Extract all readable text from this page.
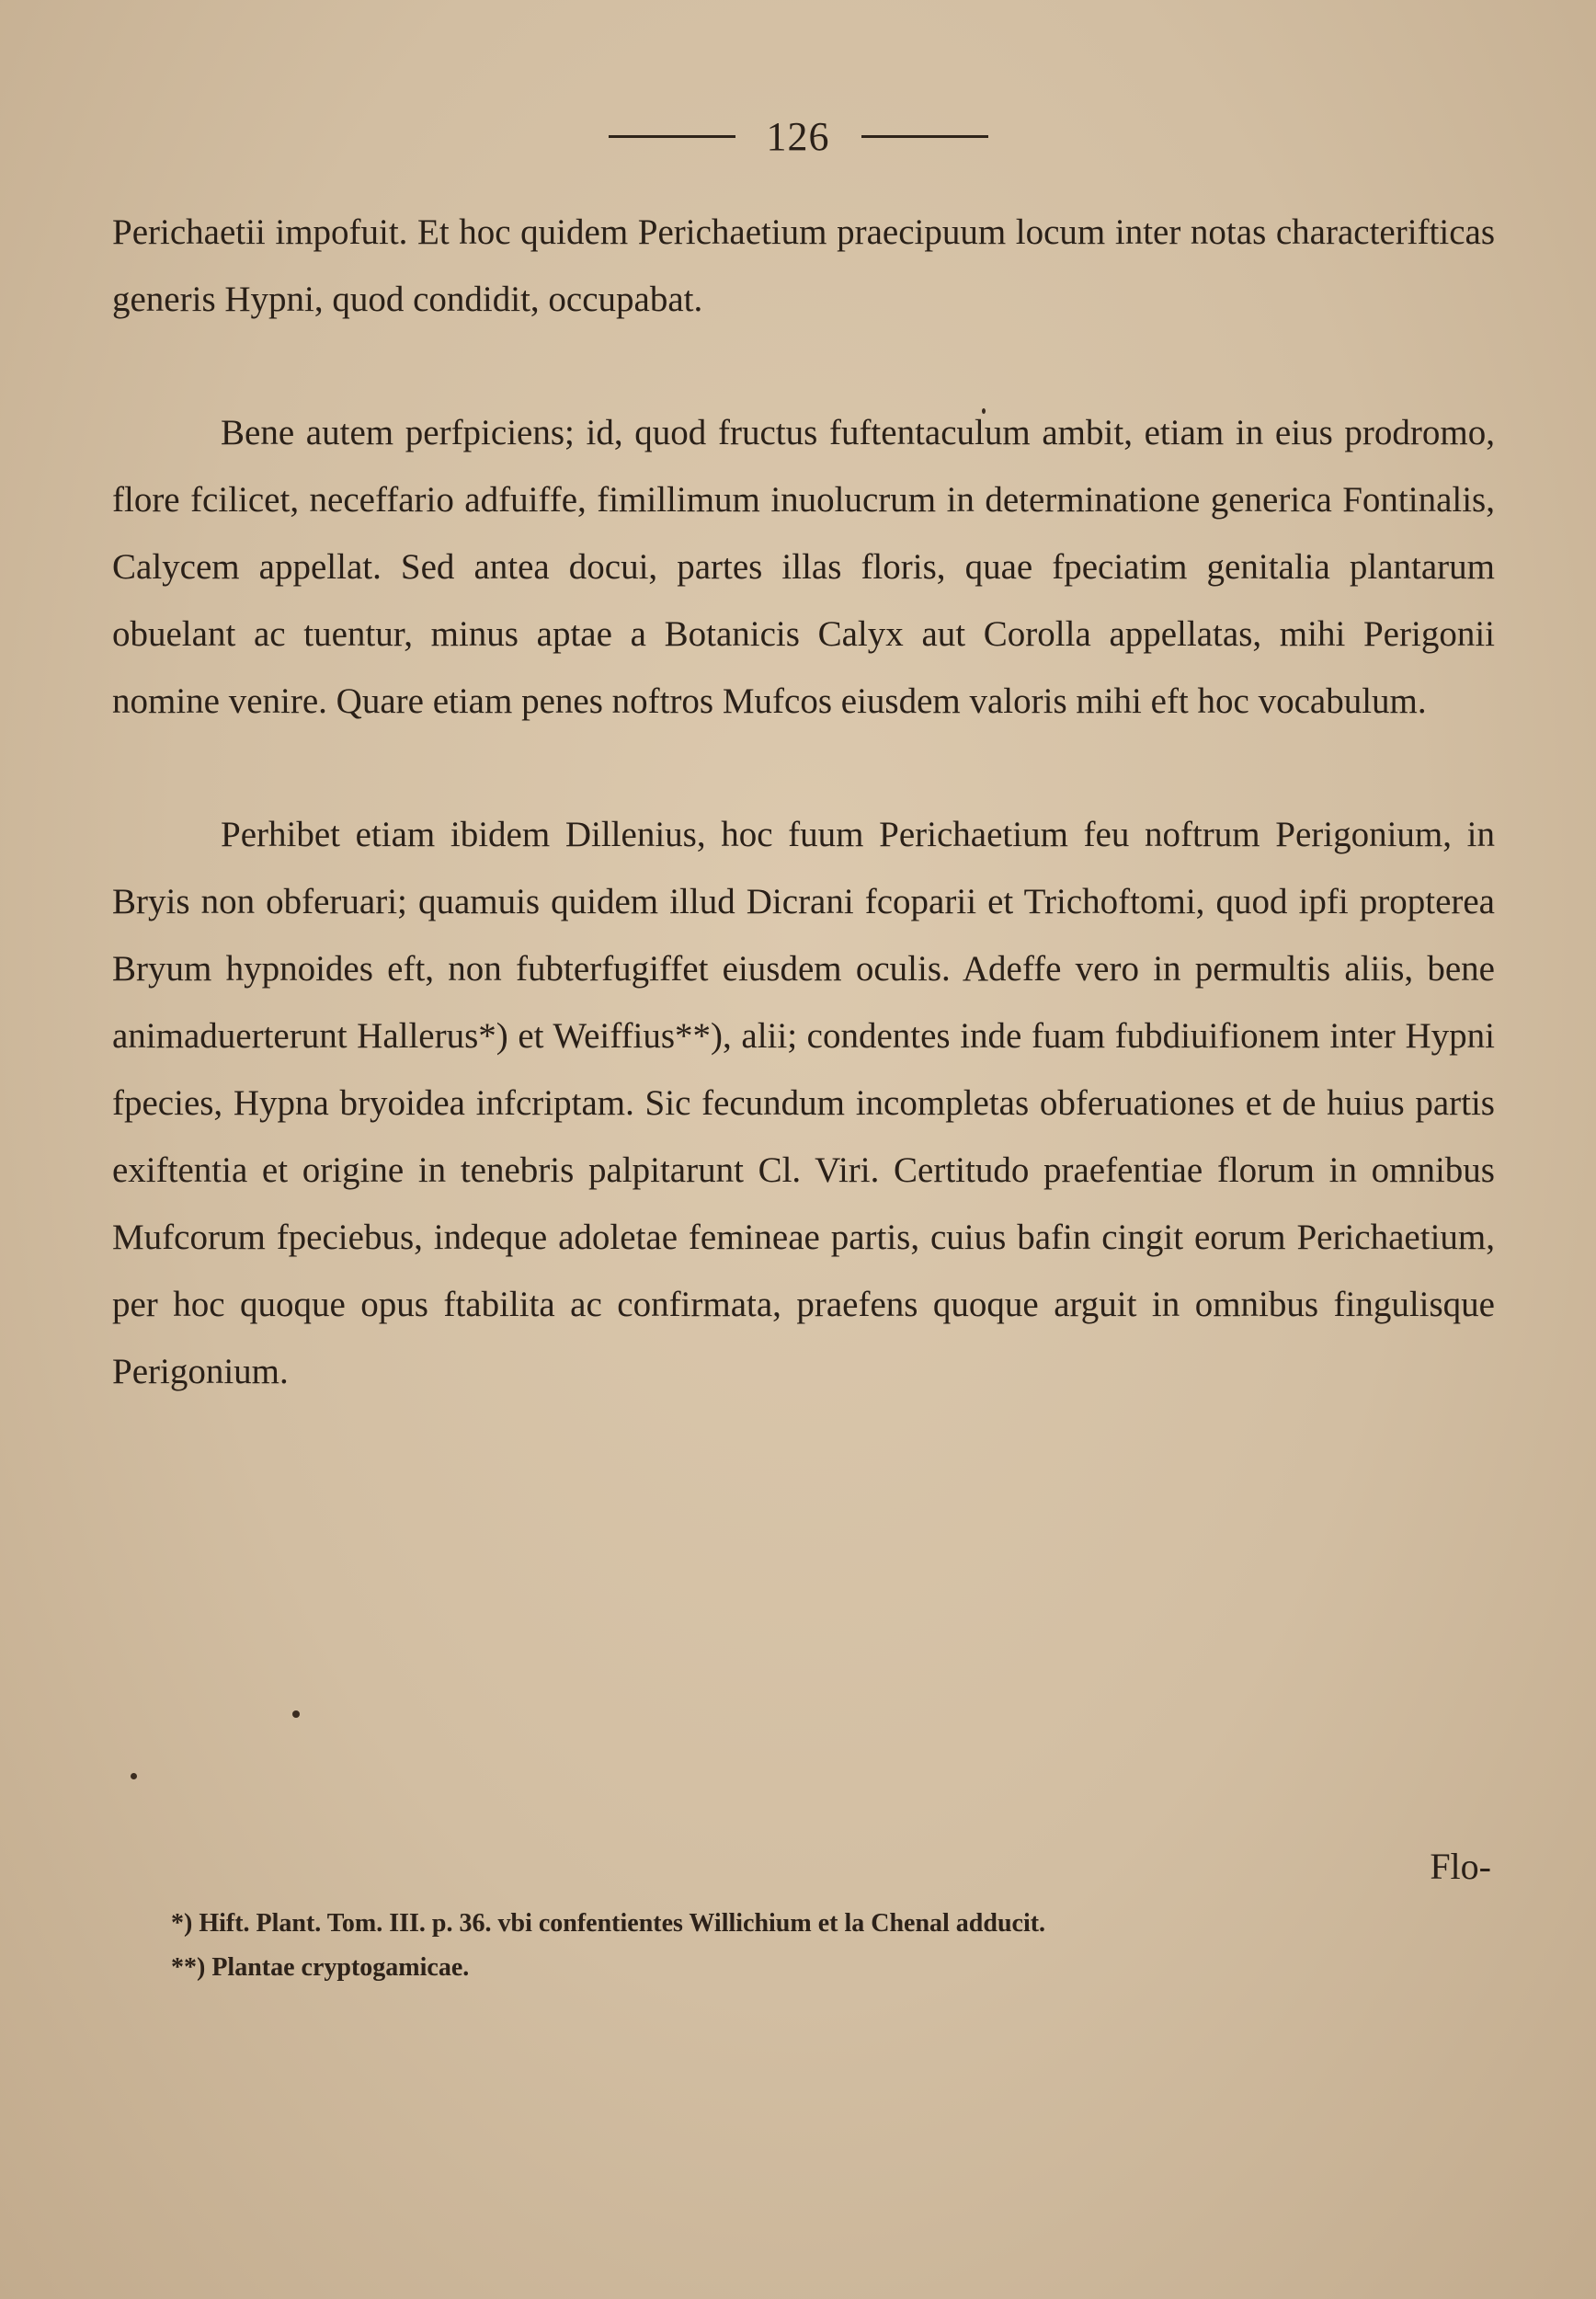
126

Perichaetii impofuit. Et hoc quidem Perichaetium praecipuum locum inter notas characterifticas generis Hypni, quod condidit, occupabat.

Bene autem perfpiciens; id, quod fructus fuftentaculum ambit, etiam in eius prodromo, flore fcilicet, neceffario adfuiffe, fimillimum inuolucrum in determinatione generica Fontinalis, Calycem appellat. Sed antea docui, partes illas floris, quae fpeciatim genitalia plantarum obuelant ac tuentur, minus aptae a Botanicis Calyx aut Corolla appellatas, mihi Perigonii nomine venire. Quare etiam penes noftros Mufcos eiusdem valoris mihi eft hoc vocabulum.

Perhibet etiam ibidem Dillenius, hoc fuum Perichaetium feu noftrum Perigonium, in Bryis non obferuari; quamuis quidem illud Dicrani fcoparii et Trichoftomi, quod ipfi propterea Bryum hypnoides eft, non fubterfugiffet eiusdem oculis. Adeffe vero in permultis aliis, bene animaduerterunt Hallerus*) et Weiffius**), alii; condentes inde fuam fubdiuifionem inter Hypni fpecies, Hypna bryoidea infcriptam. Sic fecundum incompletas obferuationes et de huius partis exiftentia et origine in tenebris palpitarunt Cl. Viri. Certitudo praefentiae florum in omnibus Mufcorum fpeciebus, indeque adoletae femineae partis, cuius bafin cingit eorum Perichaetium, per hoc quoque opus ftabilita ac confirmata, praefens quoque arguit in omnibus fingulisque Perigonium.

Flo-
*) Hift. Plant. Tom. III. p. 36. vbi confentientes Willichium et la Chenal adducit.
**) Plantae cryptogamicae.
